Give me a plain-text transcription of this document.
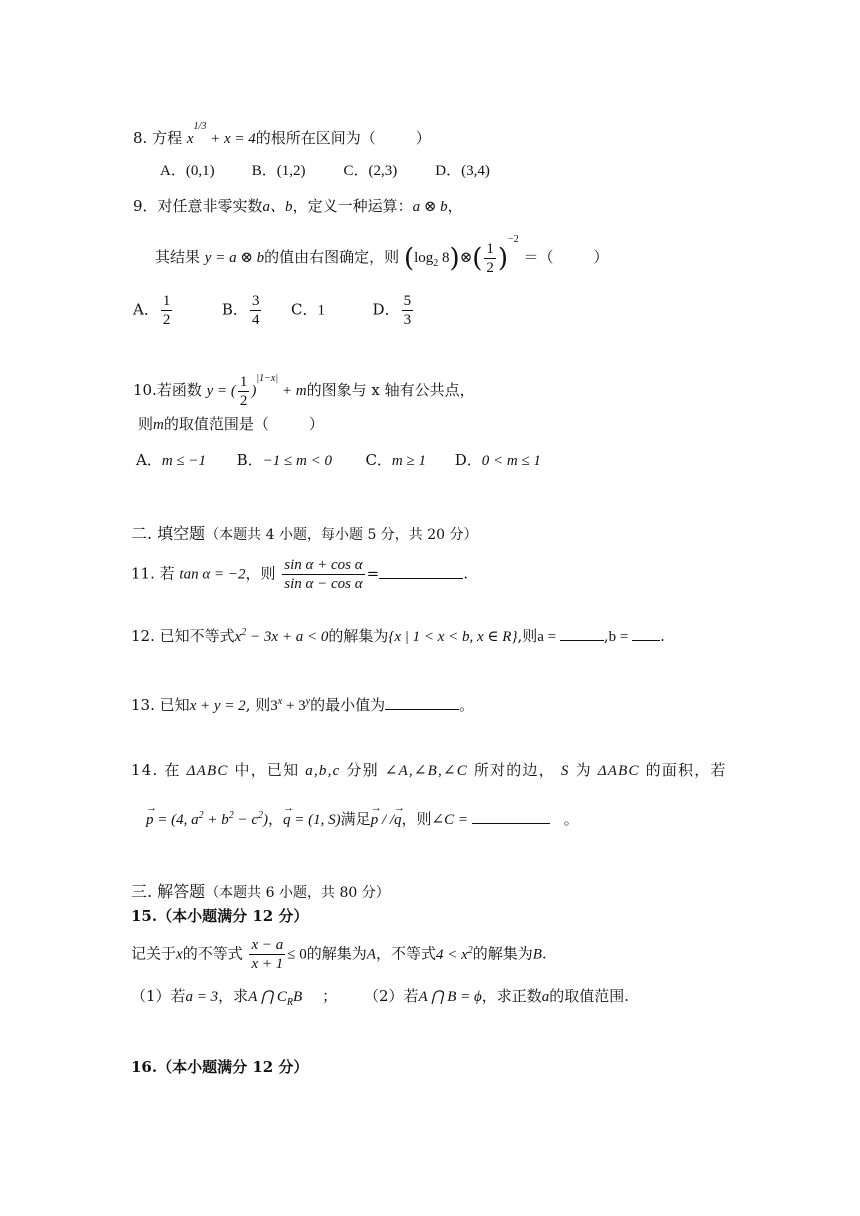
8. 方程 $x^{1/3} + x = 4$的根所在区间为（	）
A．(0,1) B．(1,2)	C．(2,3)	D．(3,4)
9．对任意非零实数a、b，定义一种运算：a ⊗ b，
其结果 y = a ⊗ b的值由右图确定，则 ($\log_2$ 8)⊗( $\frac{1}{2} )^{-2}$ ＝（	）
A． $\frac{1}{2}$	B． $\frac{3}{4}$ C．1	D． $\frac{5}{3}$
10.若函数 y = ( $\frac{1}{2} )^{|1-x|} + m$的图象与 x 轴有公共点，
则m的取值范围是（	）
A．m ≤ −1 B．−1 ≤ m < 0 C．m ≥ 1 D．0 < m ≤ 1
二. 填空题（本题共 4 小题，每小题 5 分，共 20 分）
11. 若 tan α = −2，则 $\frac{\text{sin α + cos α}}{\text{sin α − cos α}}$ =	.
12. 已知不等式$x^2 - 3x + a < 0$的解集为{x | 1 < x < b, x ∈ R},则a =	,b = .
13. 已知x + y = 2, 则$3^x + 3^y$的最小值为	。
14. 在 ΔABC 中，已知 a,b,c 分别 ∠A,∠B,∠C 所对的边， S 为 ΔABC 的面积，若
→ p = (4, $a^2 + b^2 - c^2$)，→ q = (1, S)满足→ p / /→ q，则∠C =	。
三. 解答题（本题共 6 小题，共 80 分）
15.（本小题满分 12 分）
记关于x的不等式 $\frac{x - a}{x + 1} \le 0$的解集为A，不等式$4 < x^2$的解集为B.
（1）若a = 3，求A ⋂ $C_RB$ ； （2）若A ⋂ B = ϕ，求正数a的取值范围.
16.（本小题满分 12 分）
